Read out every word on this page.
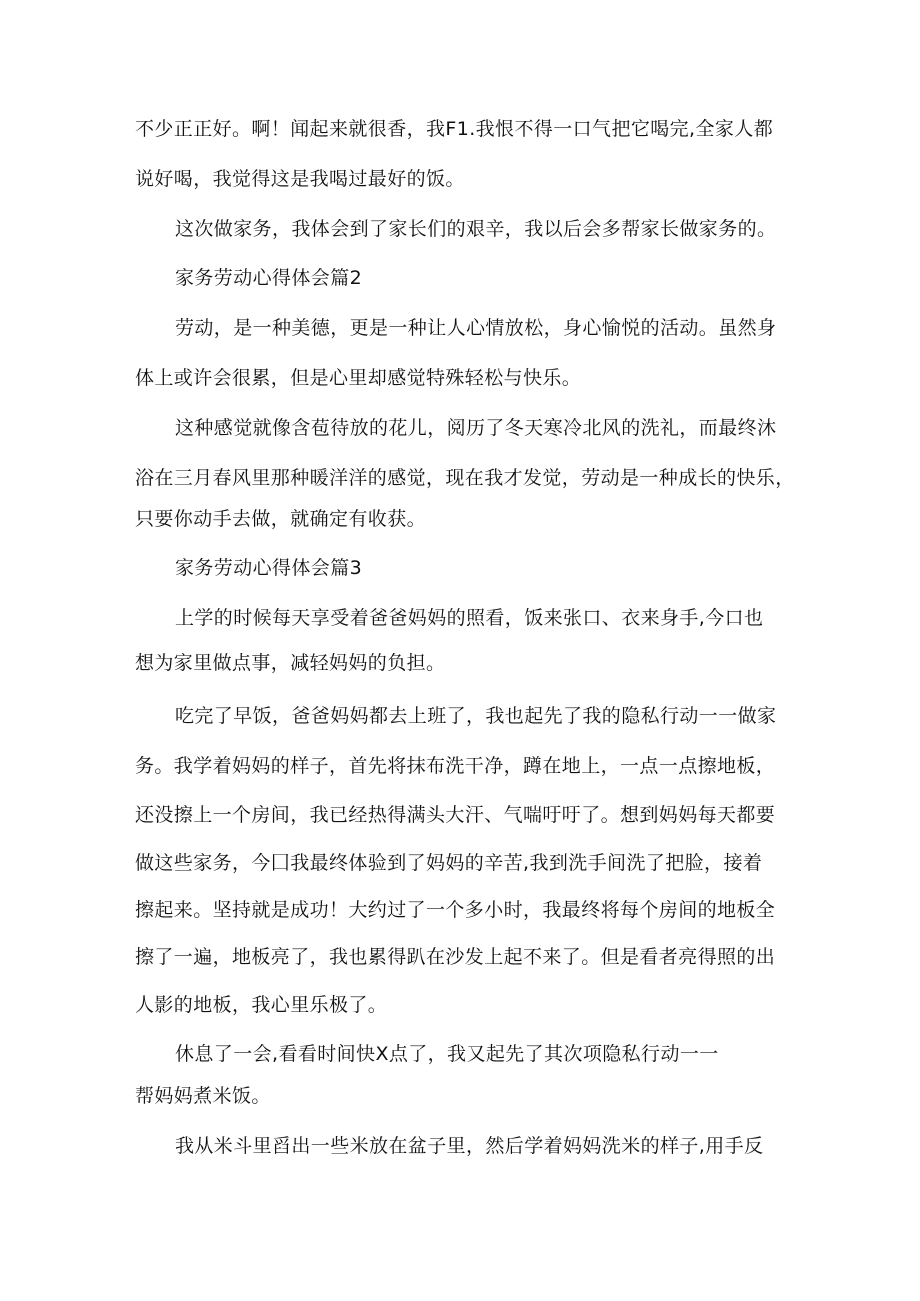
不少正正好。啊！闻起来就很香，我F1.我恨不得一口气把它喝完,全家人都
说好喝，我觉得这是我喝过最好的饭。
这次做家务，我体会到了家长们的艰辛，我以后会多帮家长做家务的。
家务劳动心得体会篇2
劳动，是一种美德，更是一种让人心情放松，身心愉悦的活动。虽然身
体上或许会很累，但是心里却感觉特殊轻松与快乐。
这种感觉就像含苞待放的花儿，阅历了冬天寒冷北风的洗礼，而最终沐
浴在三月春风里那种暖洋洋的感觉，现在我才发觉，劳动是一种成长的快乐，
只要你动手去做，就确定有收获。
家务劳动心得体会篇3
上学的时候每天享受着爸爸妈妈的照看，饭来张口、衣来身手,今口也
想为家里做点事，减轻妈妈的负担。
吃完了早饭，爸爸妈妈都去上班了，我也起先了我的隐私行动一一做家
务。我学着妈妈的样子，首先将抹布洗干净，蹲在地上，一点一点擦地板，
还没擦上一个房间，我已经热得满头大汗、气喘吁吁了。想到妈妈每天都要
做这些家务，今囗我最终体验到了妈妈的辛苦,我到洗手间洗了把脸，接着
擦起来。坚持就是成功！大约过了一个多小时，我最终将每个房间的地板全
擦了一遍，地板亮了，我也累得趴在沙发上起不来了。但是看者亮得照的出
人影的地板，我心里乐极了。
休息了一会,看看时间快X点了，我又起先了其次项隐私行动一一
帮妈妈煮米饭。
我从米斗里舀出一些米放在盆子里，然后学着妈妈洗米的样子,用手反
